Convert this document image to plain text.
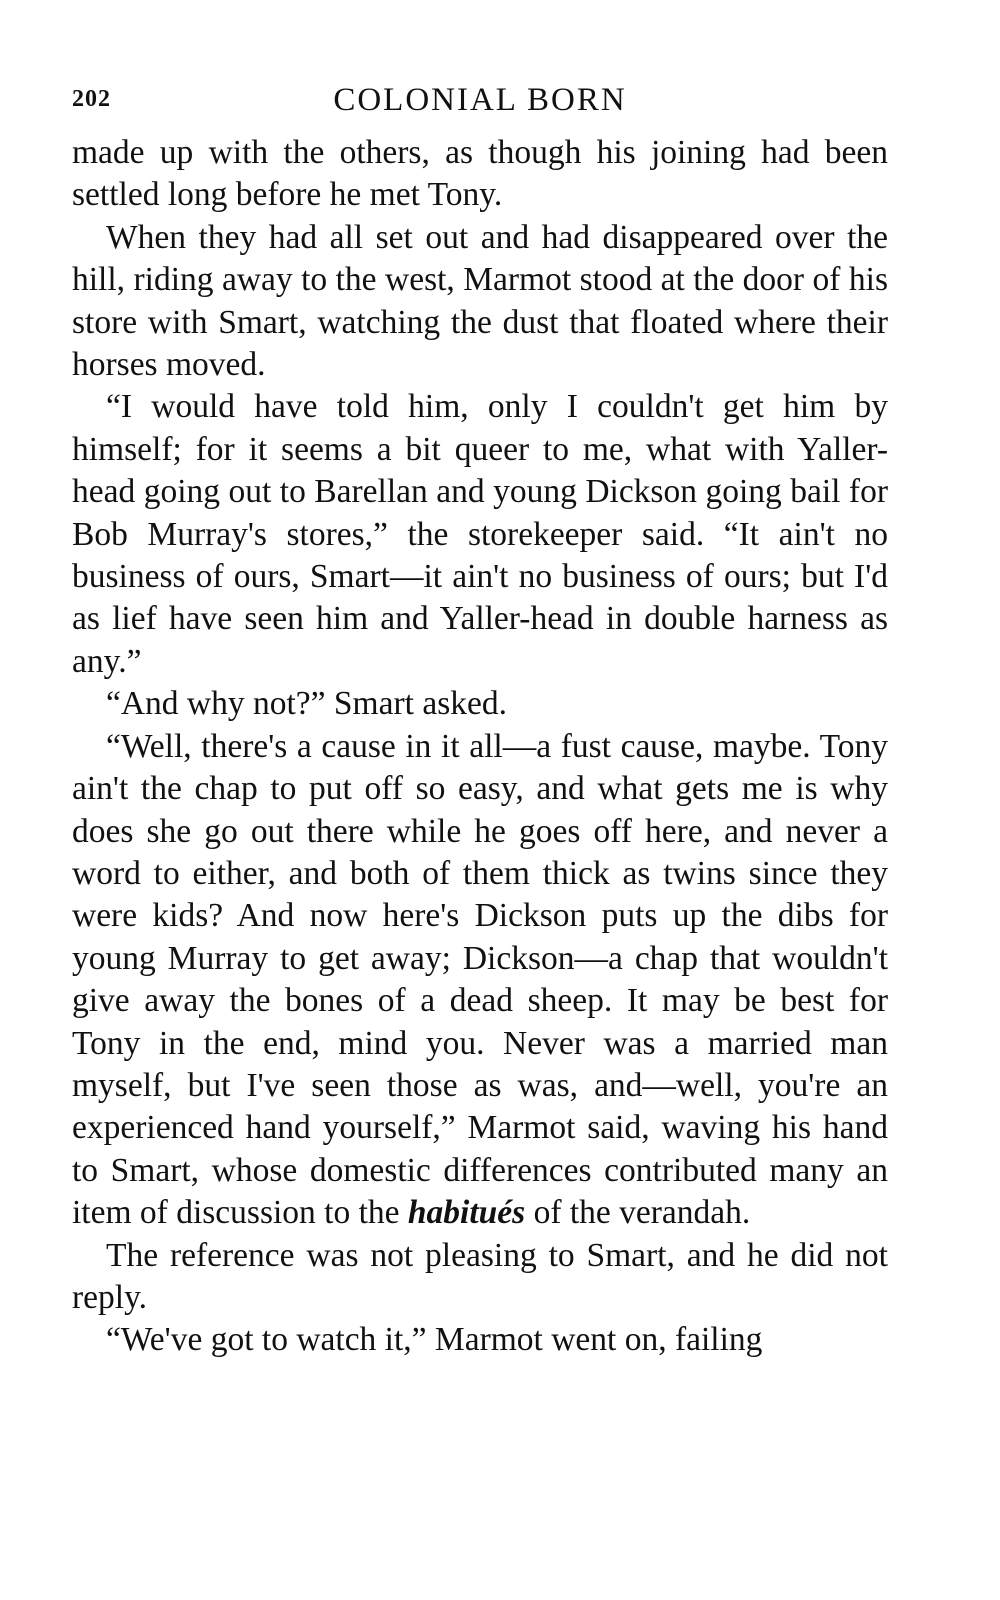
202	COLONIAL BORN

made up with the others, as though his joining had been settled long before he met Tony.

When they had all set out and had disappeared over the hill, riding away to the west, Marmot stood at the door of his store with Smart, watching the dust that floated where their horses moved.

“I would have told him, only I couldn't get him by himself; for it seems a bit queer to me, what with Yaller-head going out to Barellan and young Dickson going bail for Bob Murray's stores,” the storekeeper said. “It ain't no business of ours, Smart—it ain't no business of ours; but I'd as lief have seen him and Yaller-head in double harness as any.”

“And why not?” Smart asked.

“Well, there's a cause in it all—a fust cause, maybe. Tony ain't the chap to put off so easy, and what gets me is why does she go out there while he goes off here, and never a word to either, and both of them thick as twins since they were kids? And now here's Dickson puts up the dibs for young Murray to get away; Dickson—a chap that wouldn't give away the bones of a dead sheep. It may be best for Tony in the end, mind you. Never was a married man myself, but I've seen those as was, and—well, you're an experienced hand yourself,” Marmot said, waving his hand to Smart, whose domestic differences contributed many an item of discussion to the habitués of the verandah.

The reference was not pleasing to Smart, and he did not reply.

“We've got to watch it,” Marmot went on, failing
